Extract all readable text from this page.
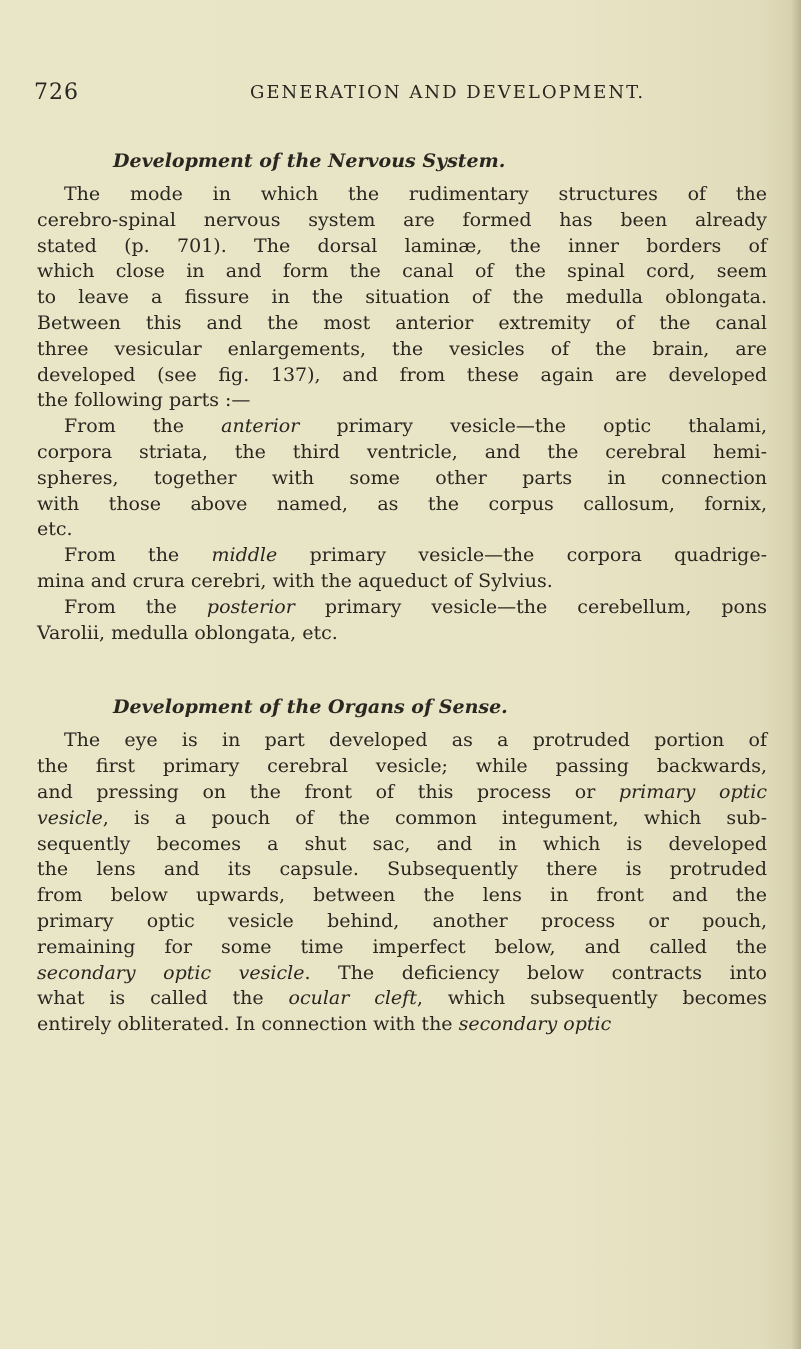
726	GENERATION AND DEVELOPMENT.
Development of the Nervous System.
The mode in which the rudimentary structures of the
cerebro-spinal nervous system are formed has been already
stated (p. 701). The dorsal laminæ, the inner borders of
which close in and form the canal of the spinal cord, seem
to leave a fissure in the situation of the medulla oblongata.
Between this and the most anterior extremity of the canal
three vesicular enlargements, the vesicles of the brain, are
developed (see fig. 137), and from these again are developed
the following parts :—
From the anterior primary vesicle—the optic thalami,
corpora striata, the third ventricle, and the cerebral hemi-
spheres, together with some other parts in connection
with those above named, as the corpus callosum, fornix,
etc.
From the middle primary vesicle—the corpora quadrige-
mina and crura cerebri, with the aqueduct of Sylvius.
From the posterior primary vesicle—the cerebellum, pons
Varolii, medulla oblongata, etc.
Development of the Organs of Sense.
The eye is in part developed as a protruded portion of
the first primary cerebral vesicle; while passing backwards,
and pressing on the front of this process or primary optic
vesicle, is a pouch of the common integument, which sub-
sequently becomes a shut sac, and in which is developed
the lens and its capsule. Subsequently there is protruded
from below upwards, between the lens in front and the
primary optic vesicle behind, another process or pouch,
remaining for some time imperfect below, and called the
secondary optic vesicle. The deficiency below contracts into
what is called the ocular cleft, which subsequently becomes
entirely obliterated. In connection with the secondary optic
